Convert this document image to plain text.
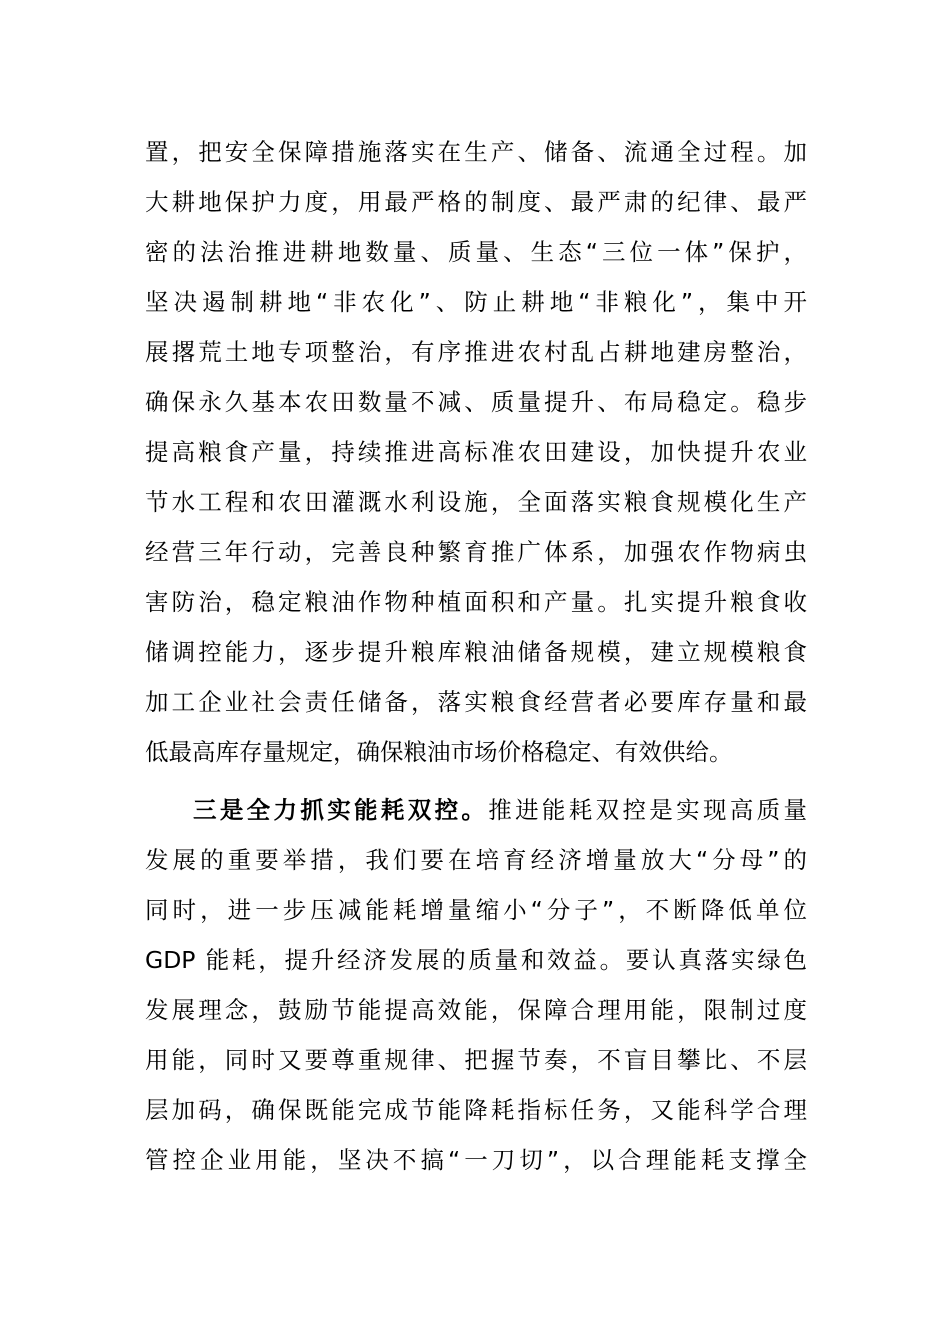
置，把安全保障措施落实在生产、储备、流通全过程。加
大耕地保护力度，用最严格的制度、最严肃的纪律、最严
密的法治推进耕地数量、质量、生态“三位一体”保护，
坚决遏制耕地“非农化”、防止耕地“非粮化”，集中开
展撂荒土地专项整治，有序推进农村乱占耕地建房整治，
确保永久基本农田数量不减、质量提升、布局稳定。稳步
提高粮食产量，持续推进高标准农田建设，加快提升农业
节水工程和农田灌溉水利设施，全面落实粮食规模化生产
经营三年行动，完善良种繁育推广体系，加强农作物病虫
害防治，稳定粮油作物种植面积和产量。扎实提升粮食收
储调控能力，逐步提升粮库粮油储备规模，建立规模粮食
加工企业社会责任储备，落实粮食经营者必要库存量和最
低最高库存量规定，确保粮油市场价格稳定、有效供给。
三是全力抓实能耗双控。推进能耗双控是实现高质量
发展的重要举措，我们要在培育经济增量放大“分母”的
同时，进一步压减能耗增量缩小“分子”，不断降低单位
GDP 能耗，提升经济发展的质量和效益。要认真落实绿色
发展理念，鼓励节能提高效能，保障合理用能，限制过度
用能，同时又要尊重规律、把握节奏，不盲目攀比、不层
层加码，确保既能完成节能降耗指标任务，又能科学合理
管控企业用能，坚决不搞“一刀切”，以合理能耗支撑全
